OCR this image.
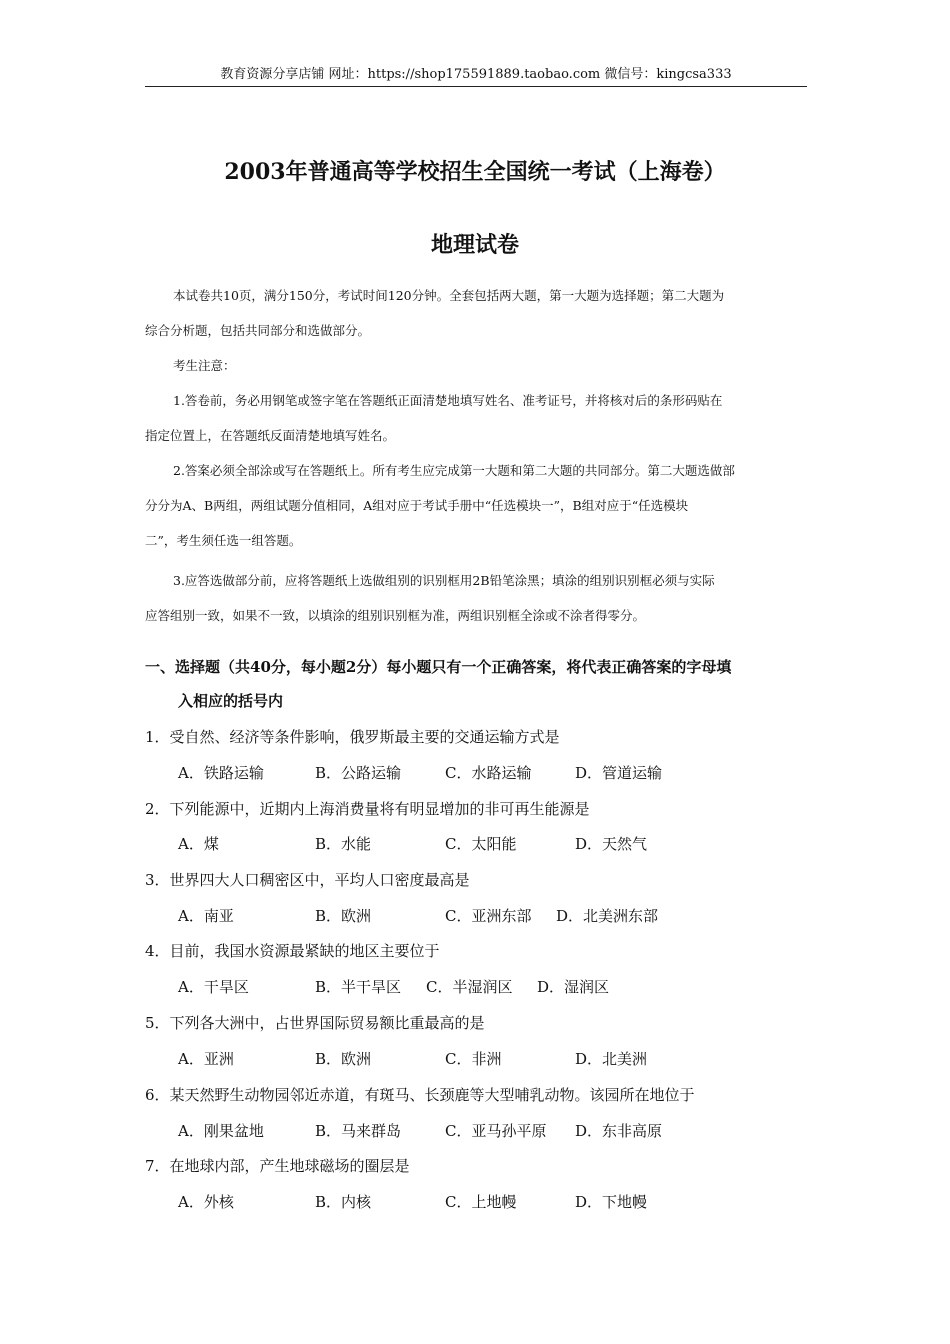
教育资源分享店铺 网址：https://shop175591889.taobao.com 微信号：kingcsa333
2003年普通高等学校招生全国统一考试（上海卷）
地理试卷
本试卷共10页，满分150分，考试时间120分钟。全套包括两大题，第一大题为选择题；第二大题为
综合分析题，包括共同部分和选做部分。
考生注意：
1.答卷前，务必用钢笔或签字笔在答题纸正面清楚地填写姓名、准考证号，并将核对后的条形码贴在
指定位置上，在答题纸反面清楚地填写姓名。
2.答案必须全部涂或写在答题纸上。所有考生应完成第一大题和第二大题的共同部分。第二大题选做部
分分为A、B两组，两组试题分值相同，A组对应于考试手册中“任选模块一”，B组对应于“任选模块
二”，考生须任选一组答题。
3.应答选做部分前，应将答题纸上选做组别的识别框用2B铅笔涂黑；填涂的组别识别框必须与实际
应答组别一致，如果不一致，以填涂的组别识别框为准，两组识别框全涂或不涂者得零分。
一、选择题（共40分，每小题2分）每小题只有一个正确答案，将代表正确答案的字母填
入相应的括号内
1．受自然、经济等条件影响，俄罗斯最主要的交通运输方式是
A．铁路运输	B．公路运输	C．水路运输	D．管道运输
2．下列能源中，近期内上海消费量将有明显增加的非可再生能源是
A．煤	B．水能	C．太阳能	D．天然气
3．世界四大人口稠密区中，平均人口密度最高是
A．南亚	B．欧洲	C．亚洲东部 D．北美洲东部
4．目前，我国水资源最紧缺的地区主要位于
A．干旱区	B．半干旱区 C．半湿润区 D．湿润区
5．下列各大洲中，占世界国际贸易额比重最高的是
A．亚洲	B．欧洲	C．非洲	D．北美洲
6．某天然野生动物园邻近赤道，有斑马、长颈鹿等大型哺乳动物。该园所在地位于
A．刚果盆地	B．马来群岛	C．亚马孙平原 D．东非高原
7．在地球内部，产生地球磁场的圈层是
A．外核	B．内核	C．上地幔	D．下地幔
